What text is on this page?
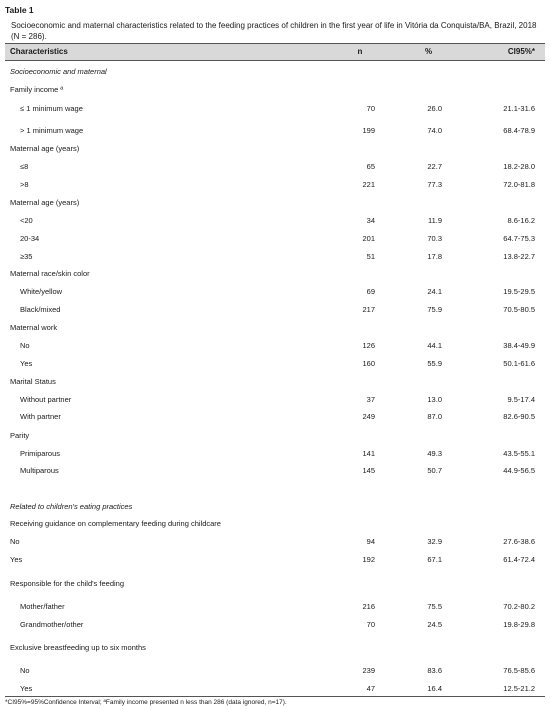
Table 1
Socioeconomic and maternal characteristics related to the feeding practices of children in the first year of life in Vitória da Conquista/BA, Brazil, 2018 (N = 286).
Characteristics	n	%	CI95%*
Socioeconomic and maternal
Family income ª
≤ 1 minimum wage	70	26.0	21.1-31.6
> 1 minimum wage	199	74.0	68.4-78.9
Maternal age (years)
≤8	65	22.7	18.2-28.0
>8	221	77.3	72.0-81.8
Maternal age (years)
<20	34	11.9	8.6-16.2
20-34	201	70.3	64.7-75.3
≥35	51	17.8	13.8-22.7
Maternal race/skin color
White/yellow	69	24.1	19.5-29.5
Black/mixed	217	75.9	70.5-80.5
Maternal work
No	126	44.1	38.4-49.9
Yes	160	55.9	50.1-61.6
Marital Status
Without partner	37	13.0	9.5-17.4
With partner	249	87.0	82.6-90.5
Parity
Primiparous	141	49.3	43.5-55.1
Multiparous	145	50.7	44.9-56.5
Related to children's eating practices
Receiving guidance on complementary feeding during childcare
No	94	32.9	27.6-38.6
Yes	192	67.1	61.4-72.4
Responsible for the child's feeding
Mother/father	216	75.5	70.2-80.2
Grandmother/other	70	24.5	19.8-29.8
Exclusive breastfeeding up to six months
No	239	83.6	76.5-85.6
Yes	47	16.4	12.5-21.2
*CI95%=95%Confidence Interval; ªFamily income presented n less than 286 (data ignored, n=17).
